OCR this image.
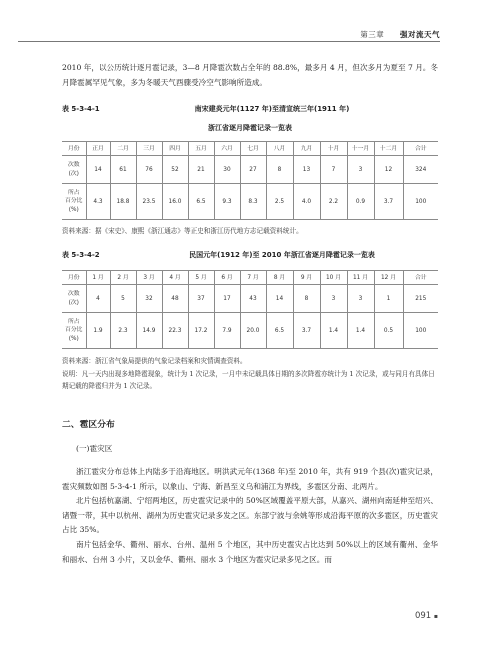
第三章 强对流天气

2010 年，以公历统计逐月雹记录，3—8 月降雹次数占全年的 88.8%，最多月 4 月，但次多月为夏至 7 月。冬月降雹属罕见气象，多为冬暖天气酉骤受冷空气影响所造成。

表 5-3-4-1	南宋建炎元年(1127 年)至清宣统三年(1911 年)
浙江省逐月降雹记录一览表
月份	正月	二月	三月	四月	五月	六月	七月	八月	九月	十月	十一月	十二月	合计
次数
(次)	14	61	76	52	21	30	27	8	13	7	3	12	324
所占
百分比
(%)	4.3	18.8	23.5	16.0	6.5	9.3	8.3	2.5	4.0	2.2	0.9	3.7	100
资料来源：据《宋史》、康熙《浙江通志》等正史和浙江历代地方志记载资料统计。
表 5-3-4-2	民国元年(1912 年)至 2010 年浙江省逐月降雹记录一览表
月份	1 月	2 月	3 月	4 月	5 月	6 月	7 月	8 月	9 月	10 月	11 月	12 月	合计
次数
(次)	4	5	32	48	37	17	43	14	8	3	3	1	215
所占
百分比
(%)	1.9	2.3	14.9	22.3	17.2	7.9	20.0	6.5	3.7	1.4	1.4	0.5	100
资料来源：浙江省气象局提供的气象记录档案和灾情调查资料。
说明：凡一天内出现多地降雹现象，统计为 1 次记录，一月中未记载具体日期的多次降雹亦统计为 1 次记录，或与同月有具体日期记载的降雹归并为 1 次记录。
二、雹区分布
(一)雹灾区

浙江雹灾分布总体上内陆多于沿海地区。明洪武元年(1368 年)至 2010 年，共有 919 个县(次)雹灾记录，雹灾频数如图 5-3-4-1 所示，以象山、宁海、新昌至义乌和浦江为界线，多雹区分南、北两片。

北片包括杭嘉湖、宁绍两地区，历史雹灾记录中的 50%区域覆盖平原大部，从嘉兴、湖州向南延伸至绍兴、诸暨一带，其中以杭州、湖州为历史雹灾记录多发之区。东部宁波与余姚等形成沿海平原的次多雹区，历史雹灾占比 35%。

南片包括金华、衢州、丽水、台州、温州 5 个地区，其中历史雹灾占比达到 50%以上的区域有衢州、金华和丽水、台州 3 小片，又以金华、衢州、丽水 3 个地区为雹灾记录多见之区。而

091 ▪
